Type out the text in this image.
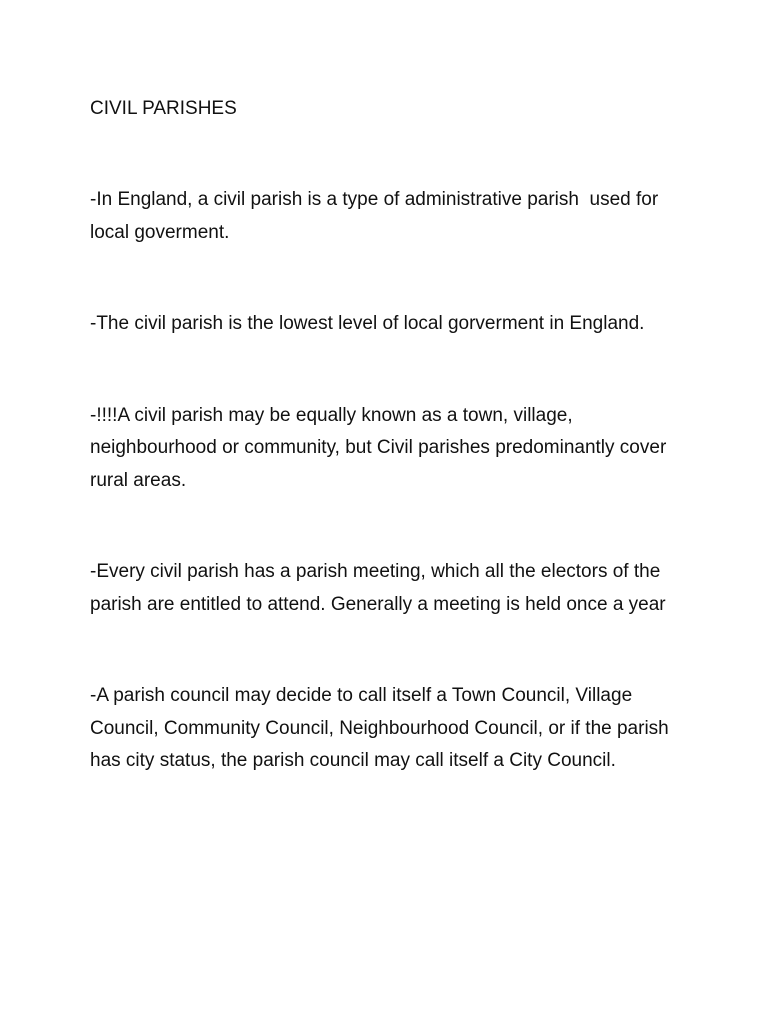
CIVIL PARISHES

-In England, a civil parish is a type of administrative parish  used for local goverment.

-The civil parish is the lowest level of local gorverment in England.

-!!!!A civil parish may be equally known as a town, village, neighbourhood or community, but Civil parishes predominantly cover rural areas.

-Every civil parish has a parish meeting, which all the electors of the parish are entitled to attend. Generally a meeting is held once a year

-A parish council may decide to call itself a Town Council, Village Council, Community Council, Neighbourhood Council, or if the parish has city status, the parish council may call itself a City Council.
